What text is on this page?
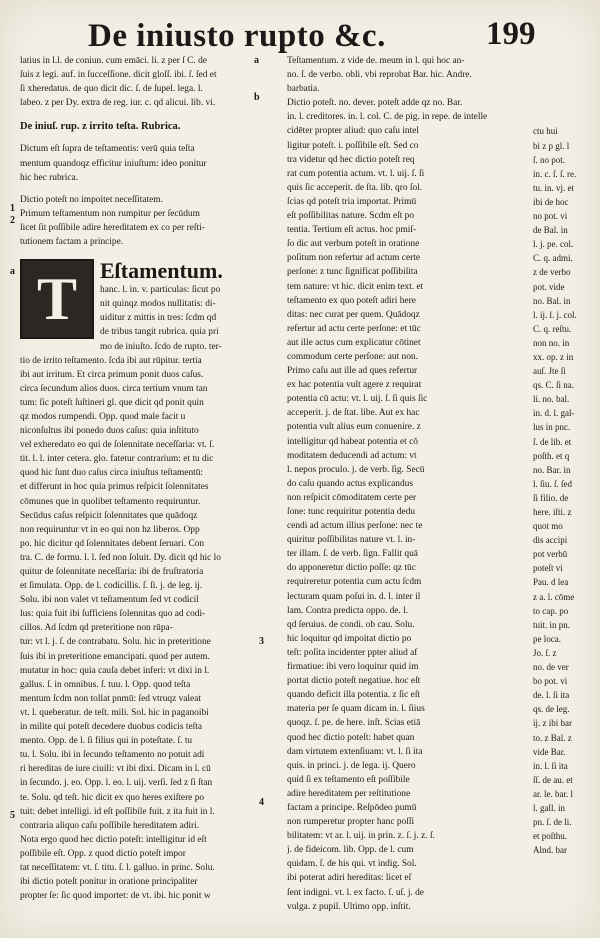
De iniusto rupto &c.	199
a
b
1
2
a
3
4
5
latius in l.l. de coniun. cum emāci. li. z per ſ C. de
ſuis z legi. auf. in ſucceſſione. dicit gloſſ. ibi. ſ. ſed et
ſi xheredatus. de quo dicit dic. ſ. de ſupel. lega. l.
labeo. z per Dy. extra de reg. iur. c. qd alicui. lib. vi.
De iniuſ. rup. z irrito teſta. Rubrica.
Dictum eſt ſupra de teſtamentis: verū quia teſta
mentum quandoqz efficitur iniuſtum: ideo ponitur
hic hec rubrica.
Dictio poteſt no impoitet neceſſitatem.
Primum teſtamentum non rumpitur per ſecūdum
licet ſit poſſibile adire hereditatem ex co per reſti-
tutionem factam a principe.
T	Eſtamentum.
hanc. l. in. v. particulas: ſicut po
nit quinqz modos nullitatis: di-
uiditur z mittis in tres: ſcdm qd
de tribus tangit rubrica. quia pri
mo de iniuſto. ſcdo de rupto. ter-
tio de irrito teſtamento. ſcda ibi aut rūpitur. tertia
ibi aut irritum. Et circa primum ponit duos caſus.
circa ſecundum alios duos. circa tertium vnum tan
tum: ſic poteſt ſuſtineri gl. que dicit qd ponit quin
qz modos rumpendi. Opp. quod male facit u
niconſultus ibi ponedo duos caſus: quia inſtituto
vel exheredato eo qui de ſolennitate neceſſaria: vt. ſ.
tit. l. l. inter cetera. glo. fatetur contrarium: et tu dic
quod hic ſunt duo caſus circa iniuſtus teſtamentū:
et differunt in hoc quia primus reſpicit ſolennitates
cōmunes que in quolibet teſtamento requiruntur.
Secūdus caſus reſpicit ſolennitates que quādoqz
non requiruntur vt in eo qui non hz liberos. Opp
po. hic dicitur qd ſolennitates debent ſeruari. Con
tra. C. de formu. l. l. ſed non ſoluit. Dy. dicit qd hic lo
quitur de ſolennitate neceſſaria: ibi de fruſtratoria
et ſimulata. Opp. de l. codicillis. ſ. ſi. j. de leg. ij.
Solu. ibi non valet vt teſtamentum ſed vt codicil
lus: quia fuit ibi ſufficiens ſolennitas quo ad codi-
cillos. Ad ſcdm qd preteritione non rūpa-
tur: vt l. j. ſ. de contrabatu. Solu. hic in preteritione
ſuis ibi in preteritione emancipati. quod per autem.
mutatur in hoc: quia cauſa debet inferi: vt dixi in l.
gallus. ſ. in omnibus. ſ. tuu. l. Opp. quod teſta
mentum ſcdm non tollat pnmū: ſed vtruqz valeat
vt. l. queberatur. de teſt. mili. Sol. hic in paganoibi
in milite qui poteſt decedere duobus codicis teſta
mento. Opp. de l. ſi filius qui in poteſtate. ſ. tu
tu. l. Solu. ibi in ſecundo teſtamento no potuit adi
ri hereditas de iure ciuili: vt ibi dixi. Dicam in l. cū
in ſecundo. j. eo. Opp. l. eo. l. uij. verſi. ſed z ſi ſtan
te. Solu. qd teſt. hic dicit ex quo heres exiſtere po
tuit: debet intelligi. id eſt poſſibile fuit. z ita fuit in l.
contraria aliquo caſu poſſibile hereditatem adiri.
Nota ergo quod hec dictio poteſt: intelligitur id eſt
poſſibile eſt. Opp. z quod dictio poteſt impor
tat neceſſitatem: vt. ſ. titu. ſ. l. galluo. in princ. Solu.
ibi dictio poteſt ponitur in oratione principaliter
propter ſe: ſic quod importet: de vt. ibi. hic ponit w
Teſtamentum. z vide de. meum in l. qui hoc an-
no. ſ. de verbo. obli. vbi reprobat Bar. hic. Andre.
barbatia.
Dictio poteſt. no. dever. poteſt adde qz no. Bar.
in. l. creditores. in. l. col. C. de pig. in repe. de intelle
cidēter propter aliud: quo caſu intel
ligitur poteſt. i. poſſibile eſt. Sed co
tra videtur qd hec dictio poteſt req
rat cum potentia actum. vt. l. uij. ſ. ſi
quis ſic acceperit. de ſta. lib. qro ſol.
ſcias qd poteſt tria importat. Primū
eſt poſſibilitas nature. Scdm eſt po
tentia. Tertium eſt actus. hoc pmiſ-
ſo dic aut verbum poteſt in oratione
poſitum non refertur ad actum certe
perſone: z tunc ſignificat poſſibilita
tem nature: vt hic. dicit enim text. et
teſtamento ex quo poteſt adiri here
ditas: nec curat per quem. Quādoqz
refertur ad actu certe perſone: et tūc
aut ille actus cum explicatur cōtinet
commodum certe perſone: aut non.
Primo caſu aut ille ad ques refertur
ex hac potentia vult agere z requirat
potentia cū actu: vt. l. uij. ſ. ſi quis ſic
acceperit. j. de ſtat. libe. Aut ex hac
potentia vult alius eum conuenire. z
intelligitur qd habeat potentia et cō
moditatem deducendi ad actum: vt
l. nepos proculo. j. de verb. ſig. Secū
do caſu quando actus explicandus
non reſpicit cōmoditatem certe per
ſone: tunc requiritur potentia dedu
cendi ad actum illius perſone: nec te
quiritur poſſibilitas nature vt. l. in-
ter illam. ſ. de verb. ſign. Fallit quā
do apponeretur dictio poſſe: qz tūc
requireretur potentia cum actu ſcdm
lecturam quam poſui in. d. l. inter il
lam. Contra predicta oppo. de. l.
qd ſeruius. de condi. ob cau. Solu.
hic loquitur qd impoitat dictio po
teſt: poſita incidenter ppter aliud af
firmatiue: ibi vero loquitur quid im
portat dictio poteſt negatiue. hoc eſt
quando deficit illa potentia. z ſic eſt
materia per ſe quam dicam in. l. ſiius
quoqz. ſ. pe. de here. inſt. Scias etiā
quod hec dictio poteſt: habet quan
dam virtutem extenſiuam: vt. l. ſi ita
quis. in princi. j. de lega. ij. Quero
quid ſi ex teſtamento eſt poſſibile
adire hereditatem per reſtitutione
factam a principe. Reſpōdeo pumū
non rumperetur propter hanc poſſi
bilitatem: vt ar. l. uij. in prin. z. ſ. j. z. ſ.
j. de fideicom. lib. Opp. de l. cum
quidam. ſ. de his qui. vt indig. Sol.
ibi poterat adiri hereditas: licet eſ
ſent indigni. vt. l. ex facto. ſ. uſ. j. de
vulga. z pupil. Ultimo opp. inſtit.
ctu hui
bi z p gl. l
ſ. no pot.
in. c. ſ. ſ. re.
tu. in. vj. et
ibi de hoc
no pot. vi
de Bal. in
l. j. pe. col.
C. q. admi.
z de verbo
pot. vide
no. Bal. in
l. ij. l. j. col.
C. q. reſtu.
non no. in
xx. op. z in
auſ. Jte ſi
qs. C. ſi na.
li. no. bal.
in. d. l. gal-
lus in pnc.
ſ. de lib. et
poſth. et q
no. Bar. in
l. ſiu. ſ. ſed
ſi filio. de
here. iſti. z
quot mo
dis accipi
pot verbū
poteſt vi
Pau. d lea
z a. l. cōme
to cap. po
tuit. in pn.
pe loca.
Jo. ſ. z
no. de ver
bo pot. vi
de. l. ſi ita
qs. de leg.
ij. z ibi bar
to. z Bal. z
vide Bar.
in. l. ſi ita
ſſ. de au. et
ar. le. bar. l
l. gall. in
pn. ſ. de li.
et poſthu.
Alnd. bar
